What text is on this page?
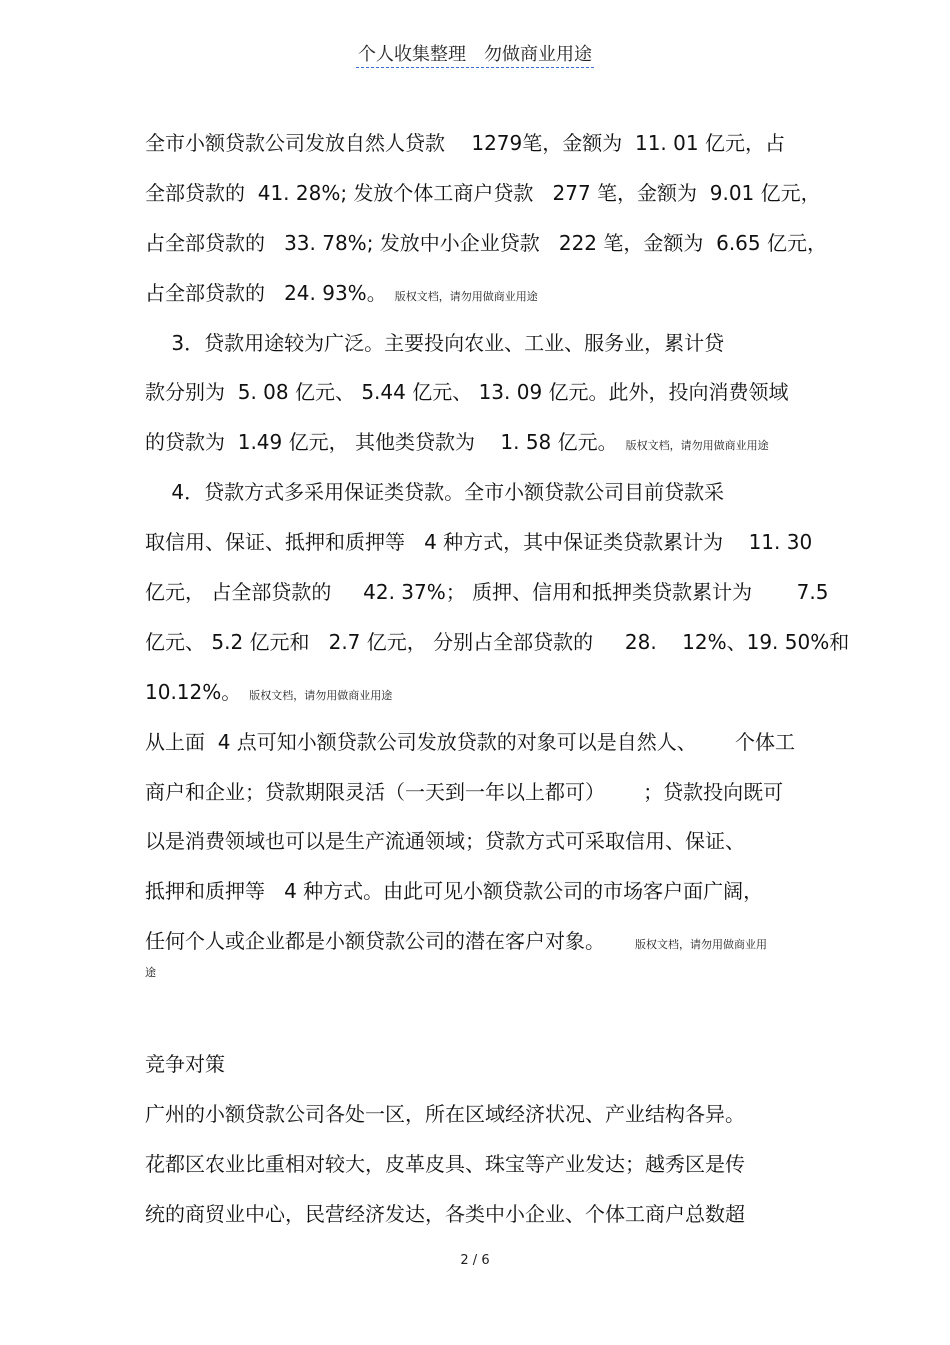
个人收集整理　勿做商业用途
全市小额贷款公司发放自然人贷款　 1279笔，金额为  11. 01 亿元，占
全部贷款的  41. 28%; 发放个体工商户贷款   277 笔，金额为  9.01 亿元，
占全部贷款的   33. 78%; 发放中小企业贷款   222 笔，金额为  6.65 亿元，
占全部贷款的   24. 93%。 版权文档，请勿用做商业用途
　 3．贷款用途较为广泛。主要投向农业、工业、服务业，累计贷
款分别为  5. 08 亿元、 5.44 亿元、 13. 09 亿元。此外，投向消费领域
的贷款为  1.49 亿元， 其他类贷款为    1. 58 亿元。 版权文档，请勿用做商业用途
　 4．贷款方式多采用保证类贷款。全市小额贷款公司目前贷款采
取信用、保证、抵押和质押等   4 种方式，其中保证类贷款累计为    11. 30
亿元， 占全部贷款的     42. 37%； 质押、信用和抵押类贷款累计为       7.5
亿元、 5.2 亿元和   2.7 亿元， 分别占全部贷款的     28.    12%、19. 50%和
10.12%。 版权文档，请勿用做商业用途
从上面  4 点可知小额贷款公司发放贷款的对象可以是自然人、      个体工
商户和企业；贷款期限灵活（一天到一年以上都可）      ；贷款投向既可
以是消费领域也可以是生产流通领域；贷款方式可采取信用、保证、
抵押和质押等   4 种方式。由此可见小额贷款公司的市场客户面广阔，
任何个人或企业都是小额贷款公司的潜在客户对象。	版权文档，请勿用做商业用
途
竞争对策
广州的小额贷款公司各处一区，所在区域经济状况、产业结构各异。
花都区农业比重相对较大，皮革皮具、珠宝等产业发达；越秀区是传
统的商贸业中心，民营经济发达，各类中小企业、个体工商户总数超
2 / 6
